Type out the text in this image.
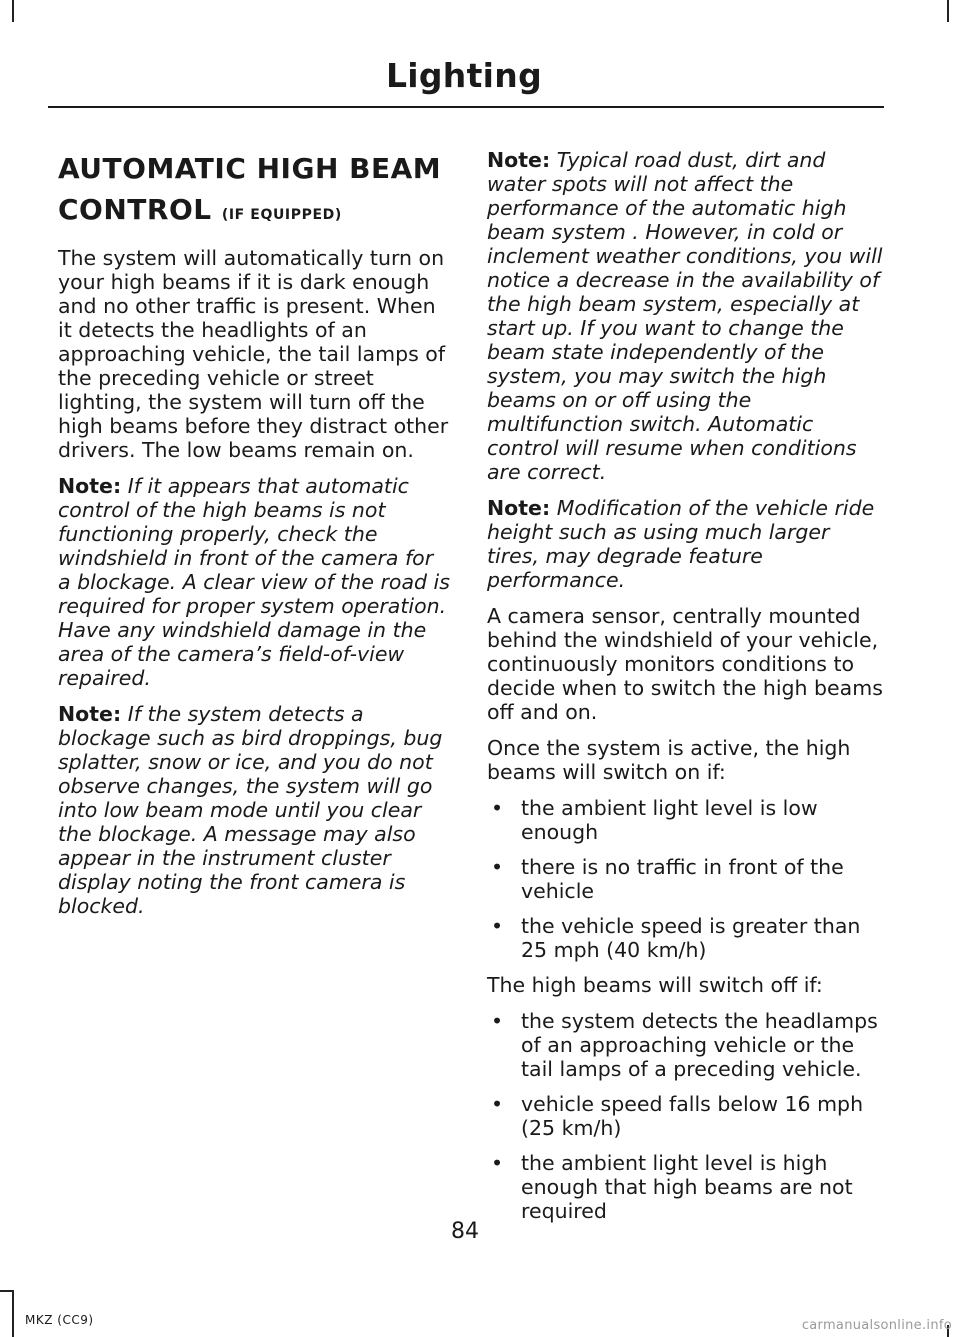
Lighting
AUTOMATIC HIGH BEAM CONTROL (IF EQUIPPED)

The system will automatically turn on your high beams if it is dark enough and no other traffic is present. When it detects the headlights of an approaching vehicle, the tail lamps of the preceding vehicle or street lighting, the system will turn off the high beams before they distract other drivers. The low beams remain on.

Note: If it appears that automatic control of the high beams is not functioning properly, check the windshield in front of the camera for a blockage. A clear view of the road is required for proper system operation. Have any windshield damage in the area of the camera’s field-of-view repaired.

Note: If the system detects a blockage such as bird droppings, bug splatter, snow or ice, and you do not observe changes, the system will go into low beam mode until you clear the blockage. A message may also appear in the instrument cluster display noting the front camera is blocked.

Note: Typical road dust, dirt and water spots will not affect the performance of the automatic high beam system . However, in cold or inclement weather conditions, you will notice a decrease in the availability of the high beam system, especially at start up. If you want to change the beam state independently of the system, you may switch the high beams on or off using the multifunction switch. Automatic control will resume when conditions are correct.

Note: Modification of the vehicle ride height such as using much larger tires, may degrade feature performance.

A camera sensor, centrally mounted behind the windshield of your vehicle, continuously monitors conditions to decide when to switch the high beams off and on.

Once the system is active, the high beams will switch on if:

• the ambient light level is low enough
• there is no traffic in front of the vehicle
• the vehicle speed is greater than 25 mph (40 km/h)

The high beams will switch off if:

• the system detects the headlamps of an approaching vehicle or the tail lamps of a preceding vehicle.
• vehicle speed falls below 16 mph (25 km/h)
• the ambient light level is high enough that high beams are not required
84
MKZ (CC9)	carmanualsonline.info
